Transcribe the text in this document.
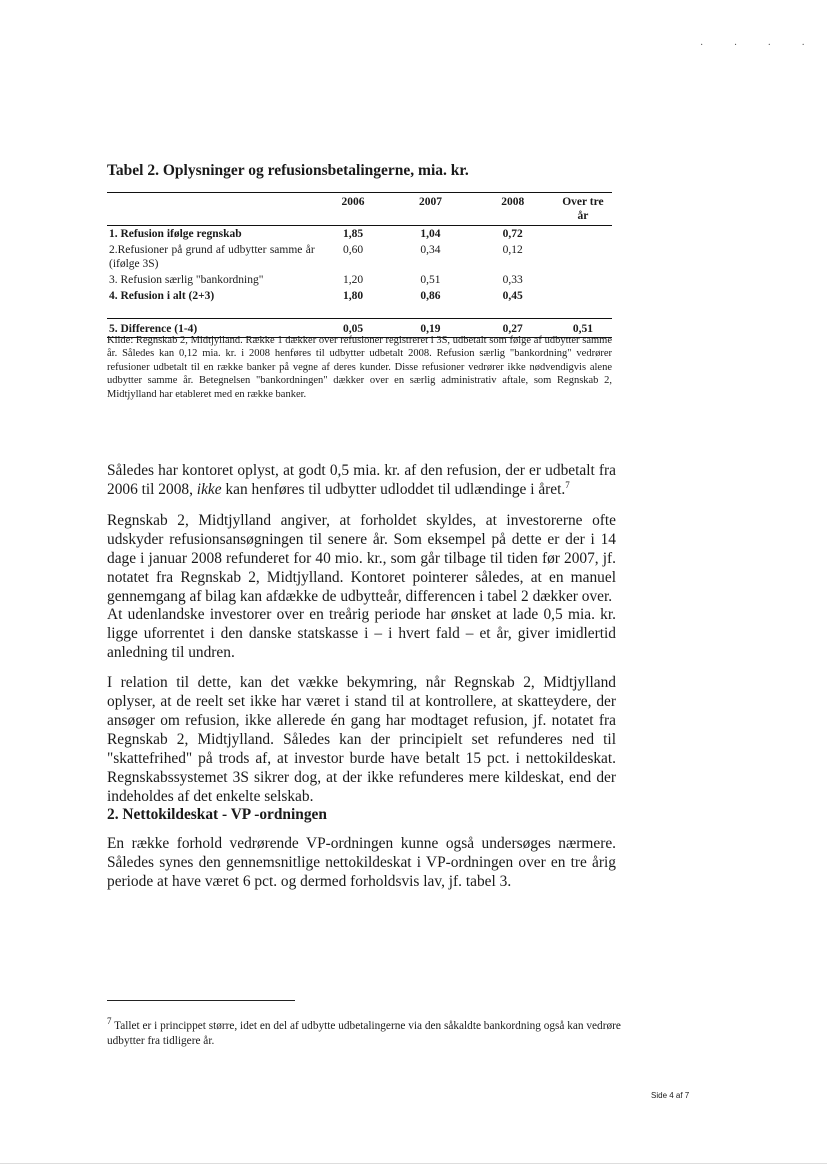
· · · ·
Tabel 2. Oplysninger og refusionsbetalingerne, mia. kr.
	2006	2007	2008	Over tre år
1. Refusion ifølge regnskab	1,85	1,04	0,72	
2.Refusioner på grund af udbytter samme år (ifølge 3S)	0,60	0,34	0,12	
3. Refusion særlig "bankordning"	1,20	0,51	0,33	
4. Refusion i alt (2+3)	1,80	0,86	0,45	

5. Difference (1-4)	0,05	0,19	0,27	0,51
Kilde: Regnskab 2, Midtjylland. Række 1 dækker over refusioner registreret i 3S, udbetalt som følge af udbytter samme år. Således kan 0,12 mia. kr. i 2008 henføres til udbytter udbetalt 2008. Refusion særlig "bankordning" vedrører refusioner udbetalt til en række banker på vegne af deres kunder. Disse refusioner vedrører ikke nødvendigvis alene udbytter samme år. Betegnelsen "bankordningen" dækker over en særlig administrativ aftale, som Regnskab 2, Midtjylland har etableret med en række banker.
Således har kontoret oplyst, at godt 0,5 mia. kr. af den refusion, der er udbetalt fra 2006 til 2008, ikke kan henføres til udbytter udloddet til udlændinge i året.$^7$
Regnskab 2, Midtjylland angiver, at forholdet skyldes, at investorerne ofte udskyder refusionsansøgningen til senere år. Som eksempel på dette er der i 14 dage i januar 2008 refunderet for 40 mio. kr., som går tilbage til tiden før 2007, jf. notatet fra Regnskab 2, Midtjylland. Kontoret pointerer således, at en manuel gennemgang af bilag kan afdække de udbytteår, differencen i tabel 2 dækker over.
At udenlandske investorer over en treårig periode har ønsket at lade 0,5 mia. kr. ligge uforrentet i den danske statskasse i – i hvert fald – et år, giver imidlertid anledning til undren.
I relation til dette, kan det vække bekymring, når Regnskab 2, Midtjylland oplyser, at de reelt set ikke har været i stand til at kontrollere, at skatteydere, der ansøger om refusion, ikke allerede én gang har modtaget refusion, jf. notatet fra Regnskab 2, Midtjylland. Således kan der principielt set refunderes ned til "skattefrihed" på trods af, at investor burde have betalt 15 pct. i nettokildeskat. Regnskabssystemet 3S sikrer dog, at der ikke refunderes mere kildeskat, end der indeholdes af det enkelte selskab.
2. Nettokildeskat - VP -ordningen
En række forhold vedrørende VP-ordningen kunne også undersøges nærmere. Således synes den gennemsnitlige nettokildeskat i VP-ordningen over en tre årig periode at have været 6 pct. og dermed forholdsvis lav, jf. tabel 3.
$^7$ Tallet er i princippet større, idet en del af udbytte udbetalingerne via den såkaldte bankordning også kan vedrøre udbytter fra tidligere år.
Side 4 af 7
